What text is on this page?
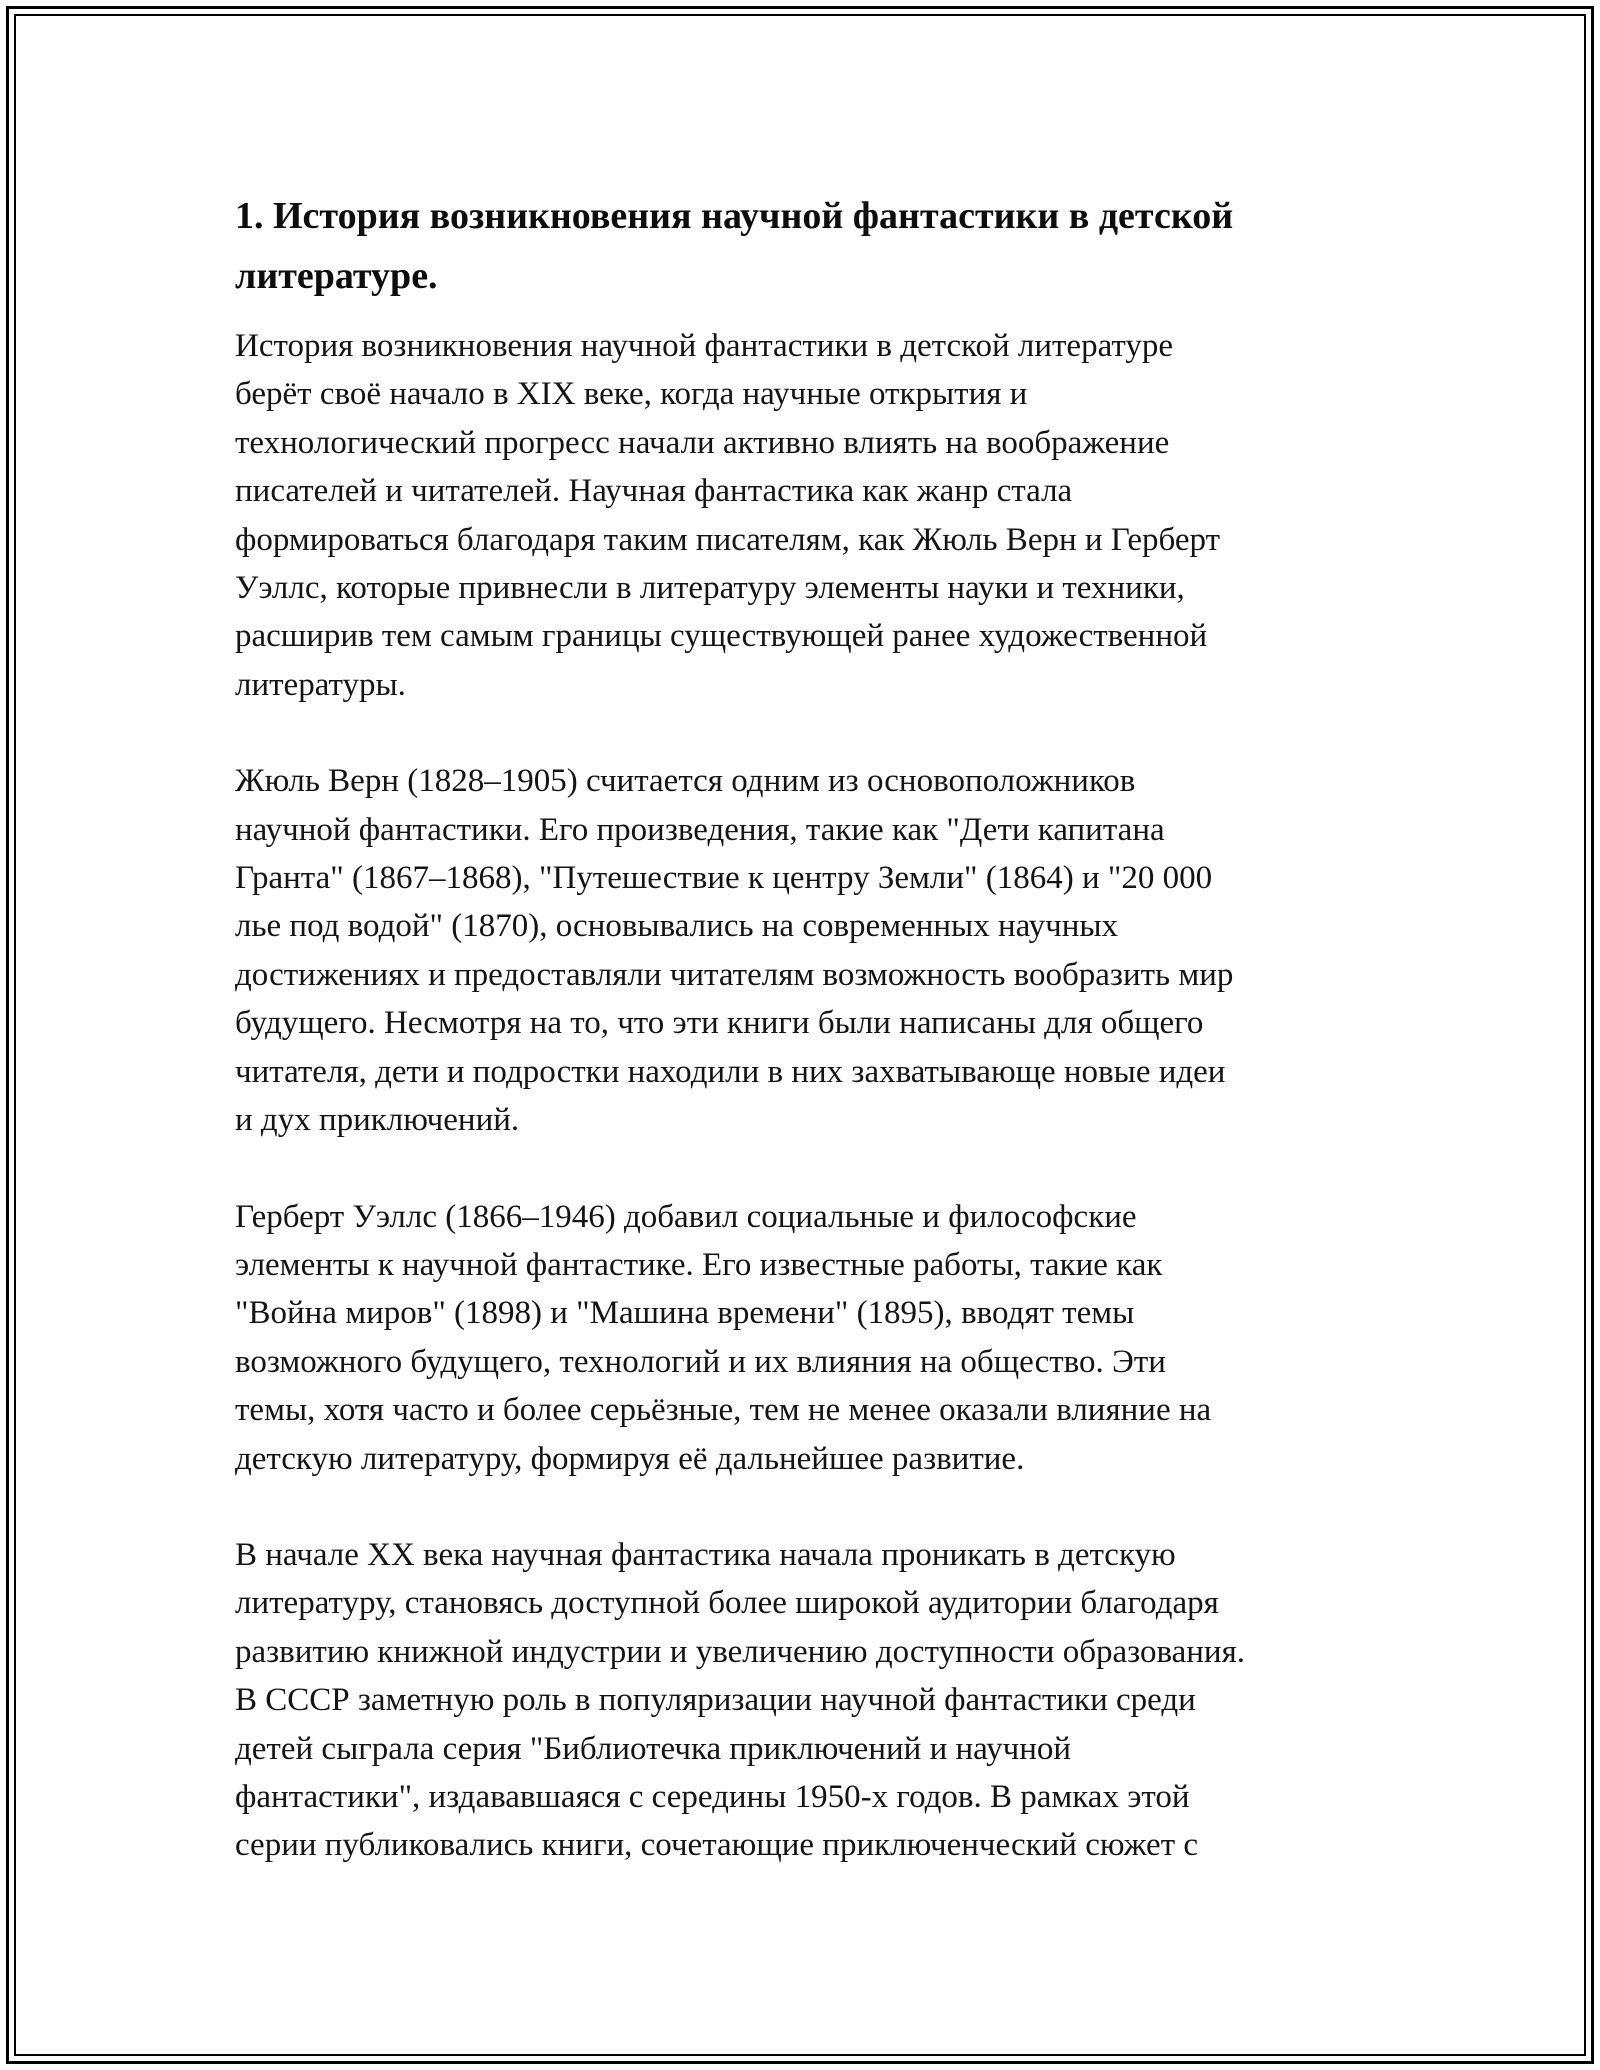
1. История возникновения научной фантастики в детской
литературе.

История возникновения научной фантастики в детской литературе
берёт своё начало в XIX веке, когда научные открытия и
технологический прогресс начали активно влиять на воображение
писателей и читателей. Научная фантастика как жанр стала
формироваться благодаря таким писателям, как Жюль Верн и Герберт
Уэллс, которые привнесли в литературу элементы науки и техники,
расширив тем самым границы существующей ранее художественной
литературы.

Жюль Верн (1828–1905) считается одним из основоположников
научной фантастики. Его произведения, такие как "Дети капитана
Гранта" (1867–1868), "Путешествие к центру Земли" (1864) и "20 000
лье под водой" (1870), основывались на современных научных
достижениях и предоставляли читателям возможность вообразить мир
будущего. Несмотря на то, что эти книги были написаны для общего
читателя, дети и подростки находили в них захватывающе новые идеи
и дух приключений.

Герберт Уэллс (1866–1946) добавил социальные и философские
элементы к научной фантастике. Его известные работы, такие как
"Война миров" (1898) и "Машина времени" (1895), вводят темы
возможного будущего, технологий и их влияния на общество. Эти
темы, хотя часто и более серьёзные, тем не менее оказали влияние на
детскую литературу, формируя её дальнейшее развитие.

В начале XX века научная фантастика начала проникать в детскую
литературу, становясь доступной более широкой аудитории благодаря
развитию книжной индустрии и увеличению доступности образования.
В СССР заметную роль в популяризации научной фантастики среди
детей сыграла серия "Библиотечка приключений и научной
фантастики", издававшаяся с середины 1950-х годов. В рамках этой
серии публиковались книги, сочетающие приключенческий сюжет с
